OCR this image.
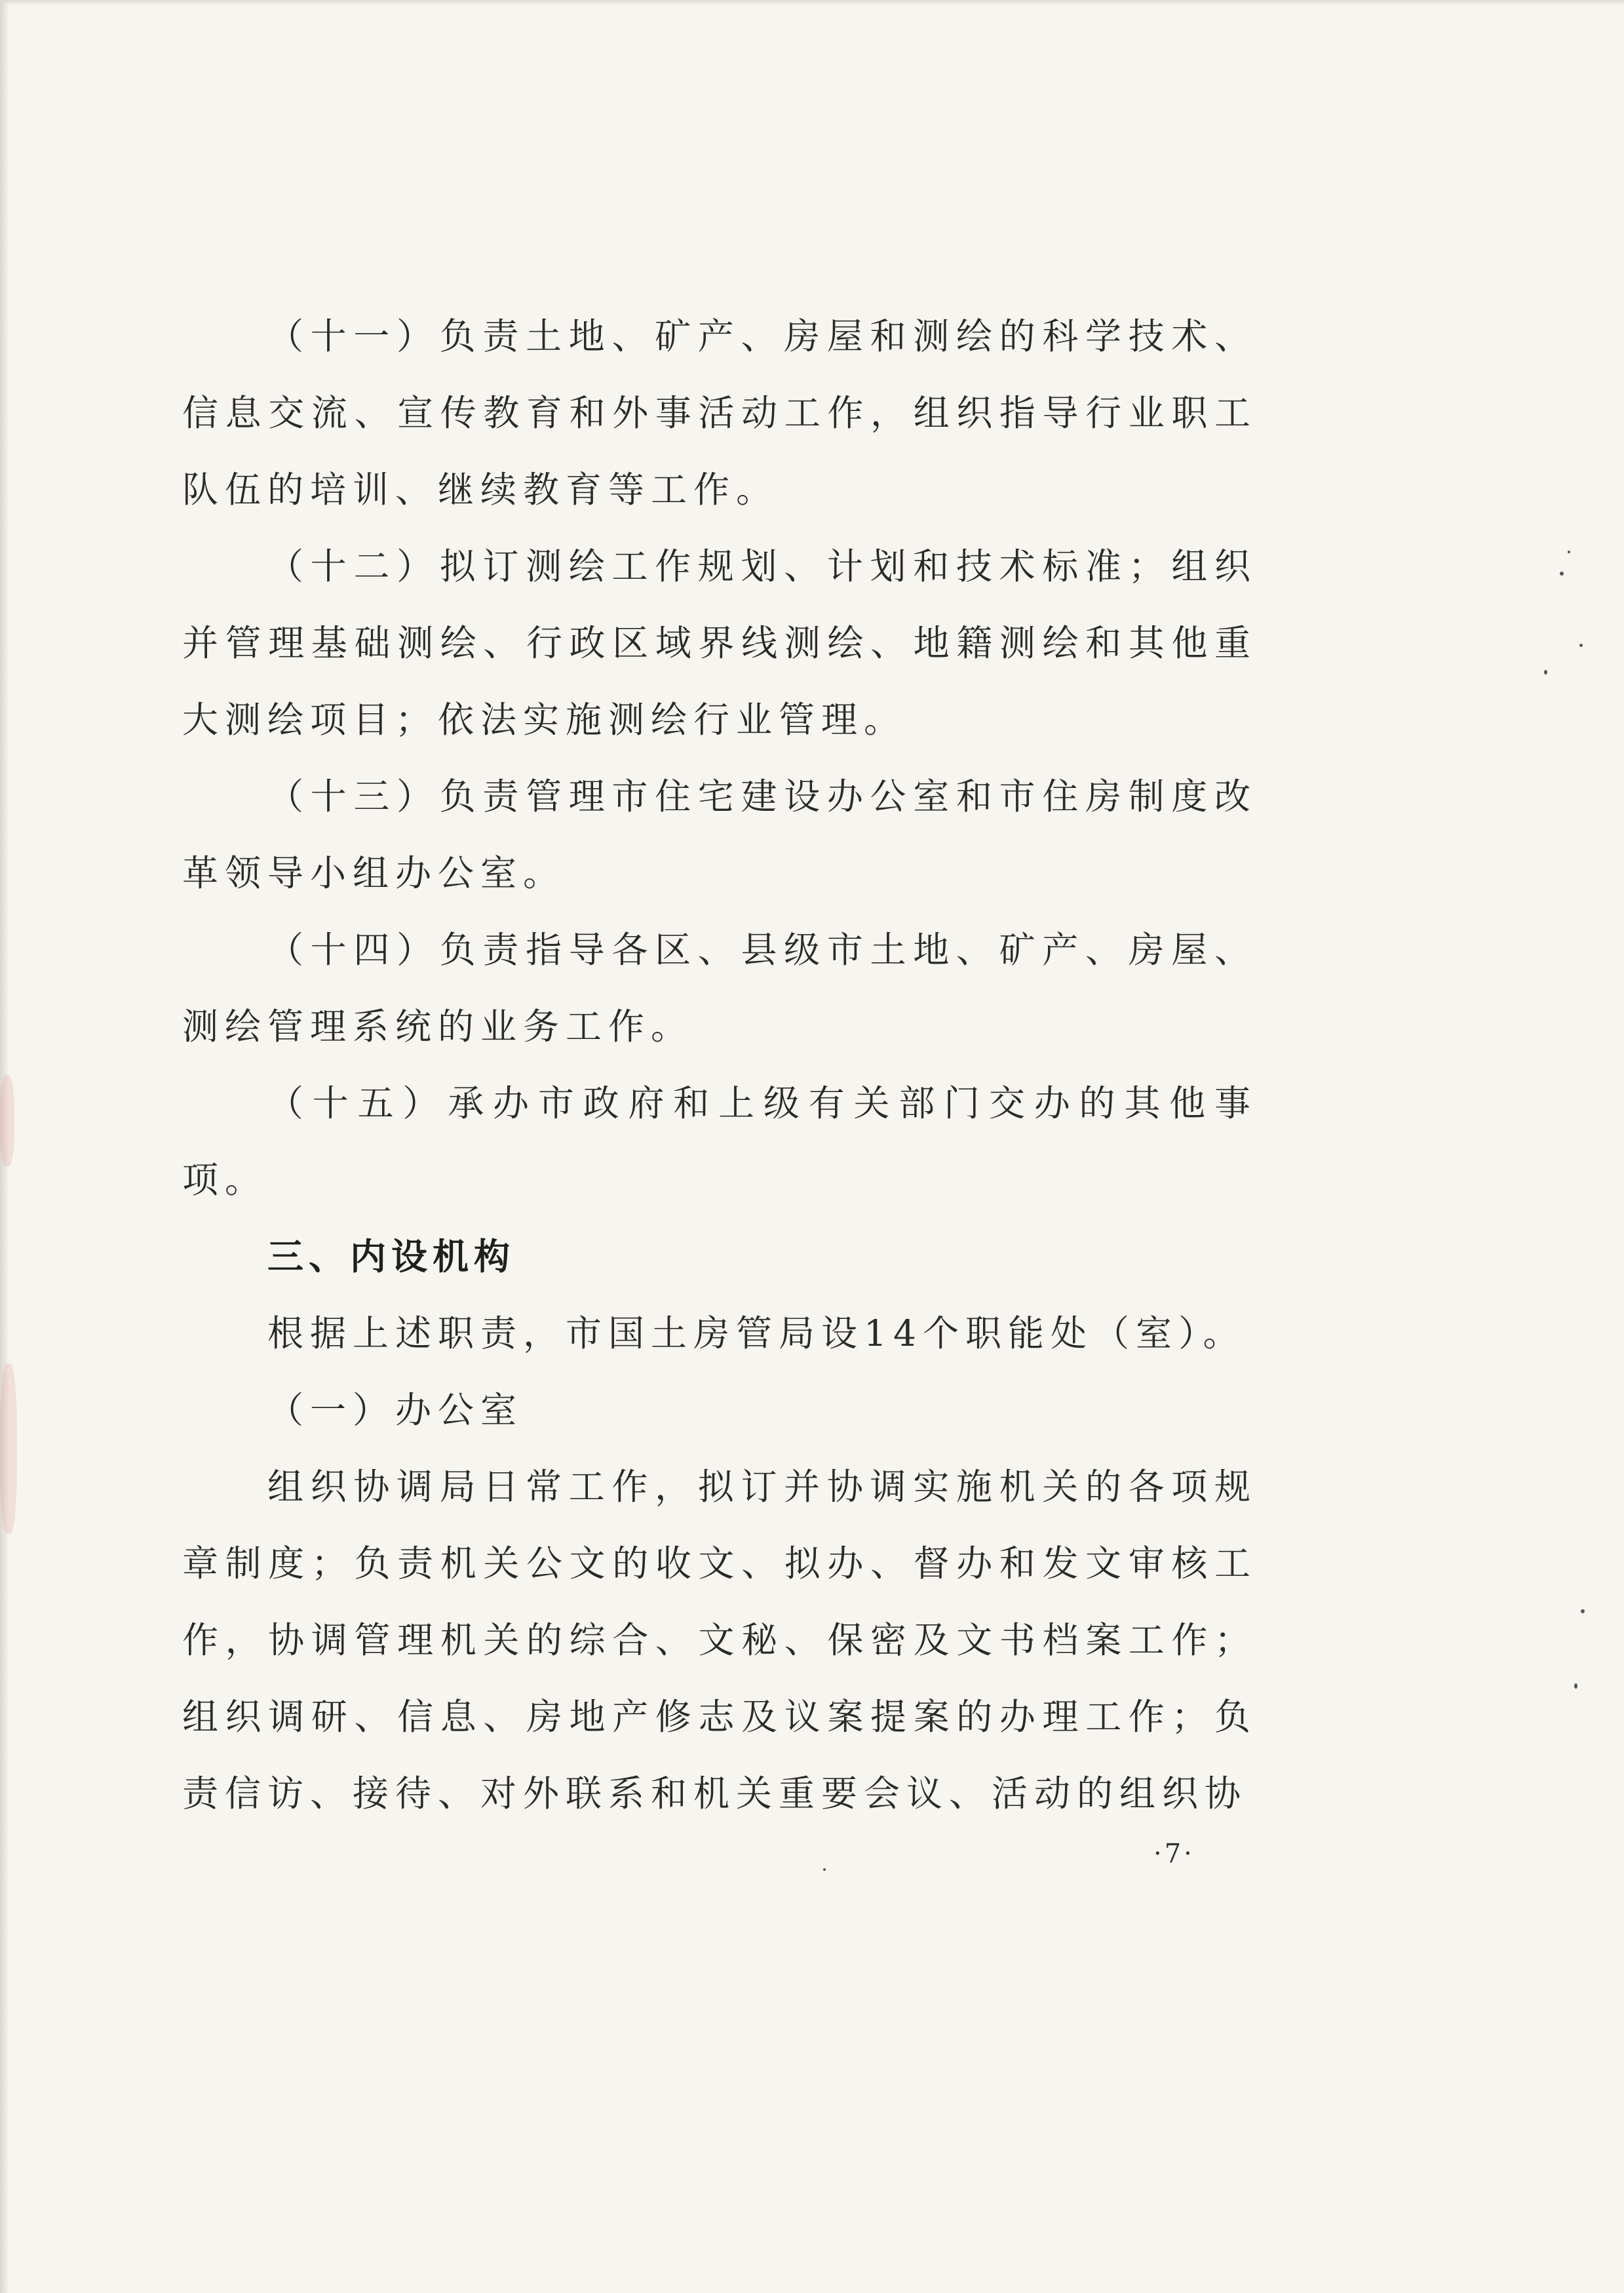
（十一）负责土地、矿产、房屋和测绘的科学技术、信息交流、宣传教育和外事活动工作，组织指导行业职工队伍的培训、继续教育等工作。

（十二）拟订测绘工作规划、计划和技术标准；组织并管理基础测绘、行政区域界线测绘、地籍测绘和其他重大测绘项目；依法实施测绘行业管理。

（十三）负责管理市住宅建设办公室和市住房制度改革领导小组办公室。

（十四）负责指导各区、县级市土地、矿产、房屋、测绘管理系统的业务工作。

（十五）承办市政府和上级有关部门交办的其他事项。

三、内设机构

根据上述职责，市国土房管局设14个职能处（室）。

（一）办公室

组织协调局日常工作，拟订并协调实施机关的各项规章制度；负责机关公文的收文、拟办、督办和发文审核工作，协调管理机关的综合、文秘、保密及文书档案工作；组织调研、信息、房地产修志及议案提案的办理工作；负责信访、接待、对外联系和机关重要会议、活动的组织协

·7·
